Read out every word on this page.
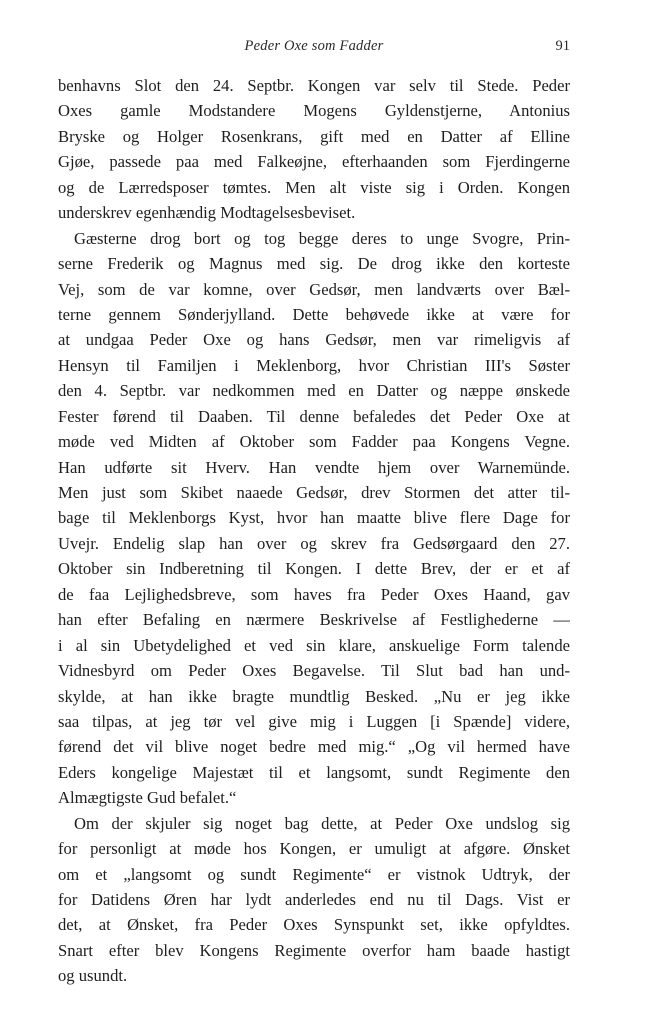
Peder Oxe som Fadder	91
benhavns Slot den 24. Septbr. Kongen var selv til Stede. Peder
Oxes gamle Modstandere Mogens Gyldenstjerne, Antonius
Bryske og Holger Rosenkrans, gift med en Datter af Elline
Gjøe, passede paa med Falkeøjne, efterhaanden som Fjerdingerne
og de Lærredsposer tømtes. Men alt viste sig i Orden. Kongen
underskrev egenhændig Modtagelsesbeviset.
Gæsterne drog bort og tog begge deres to unge Svogre, Prin-
serne Frederik og Magnus med sig. De drog ikke den korteste
Vej, som de var komne, over Gedsør, men landværts over Bæl-
terne gennem Sønderjylland. Dette behøvede ikke at være for
at undgaa Peder Oxe og hans Gedsør, men var rimeligvis af
Hensyn til Familjen i Meklenborg, hvor Christian III's Søster
den 4. Septbr. var nedkommen med en Datter og næppe ønskede
Fester førend til Daaben. Til denne befaledes det Peder Oxe at
møde ved Midten af Oktober som Fadder paa Kongens Vegne.
Han udførte sit Hverv. Han vendte hjem over Warnemünde.
Men just som Skibet naaede Gedsør, drev Stormen det atter til-
bage til Meklenborgs Kyst, hvor han maatte blive flere Dage for
Uvejr. Endelig slap han over og skrev fra Gedsørgaard den 27.
Oktober sin Indberetning til Kongen. I dette Brev, der er et af
de faa Lejlighedsbreve, som haves fra Peder Oxes Haand, gav
han efter Befaling en nærmere Beskrivelse af Festlighederne —
i al sin Ubetydelighed et ved sin klare, anskuelige Form talende
Vidnesbyrd om Peder Oxes Begavelse. Til Slut bad han und-
skylde, at han ikke bragte mundtlig Besked. „Nu er jeg ikke
saa tilpas, at jeg tør vel give mig i Luggen [i Spænde] videre,
førend det vil blive noget bedre med mig.“ „Og vil hermed have
Eders kongelige Majestæt til et langsomt, sundt Regimente den
Almægtigste Gud befalet.“
Om der skjuler sig noget bag dette, at Peder Oxe undslog sig
for personligt at møde hos Kongen, er umuligt at afgøre. Ønsket
om et „langsomt og sundt Regimente“ er vistnok Udtryk, der
for Datidens Øren har lydt anderledes end nu til Dags. Vist er
det, at Ønsket, fra Peder Oxes Synspunkt set, ikke opfyldtes.
Snart efter blev Kongens Regimente overfor ham baade hastigt
og usundt.
